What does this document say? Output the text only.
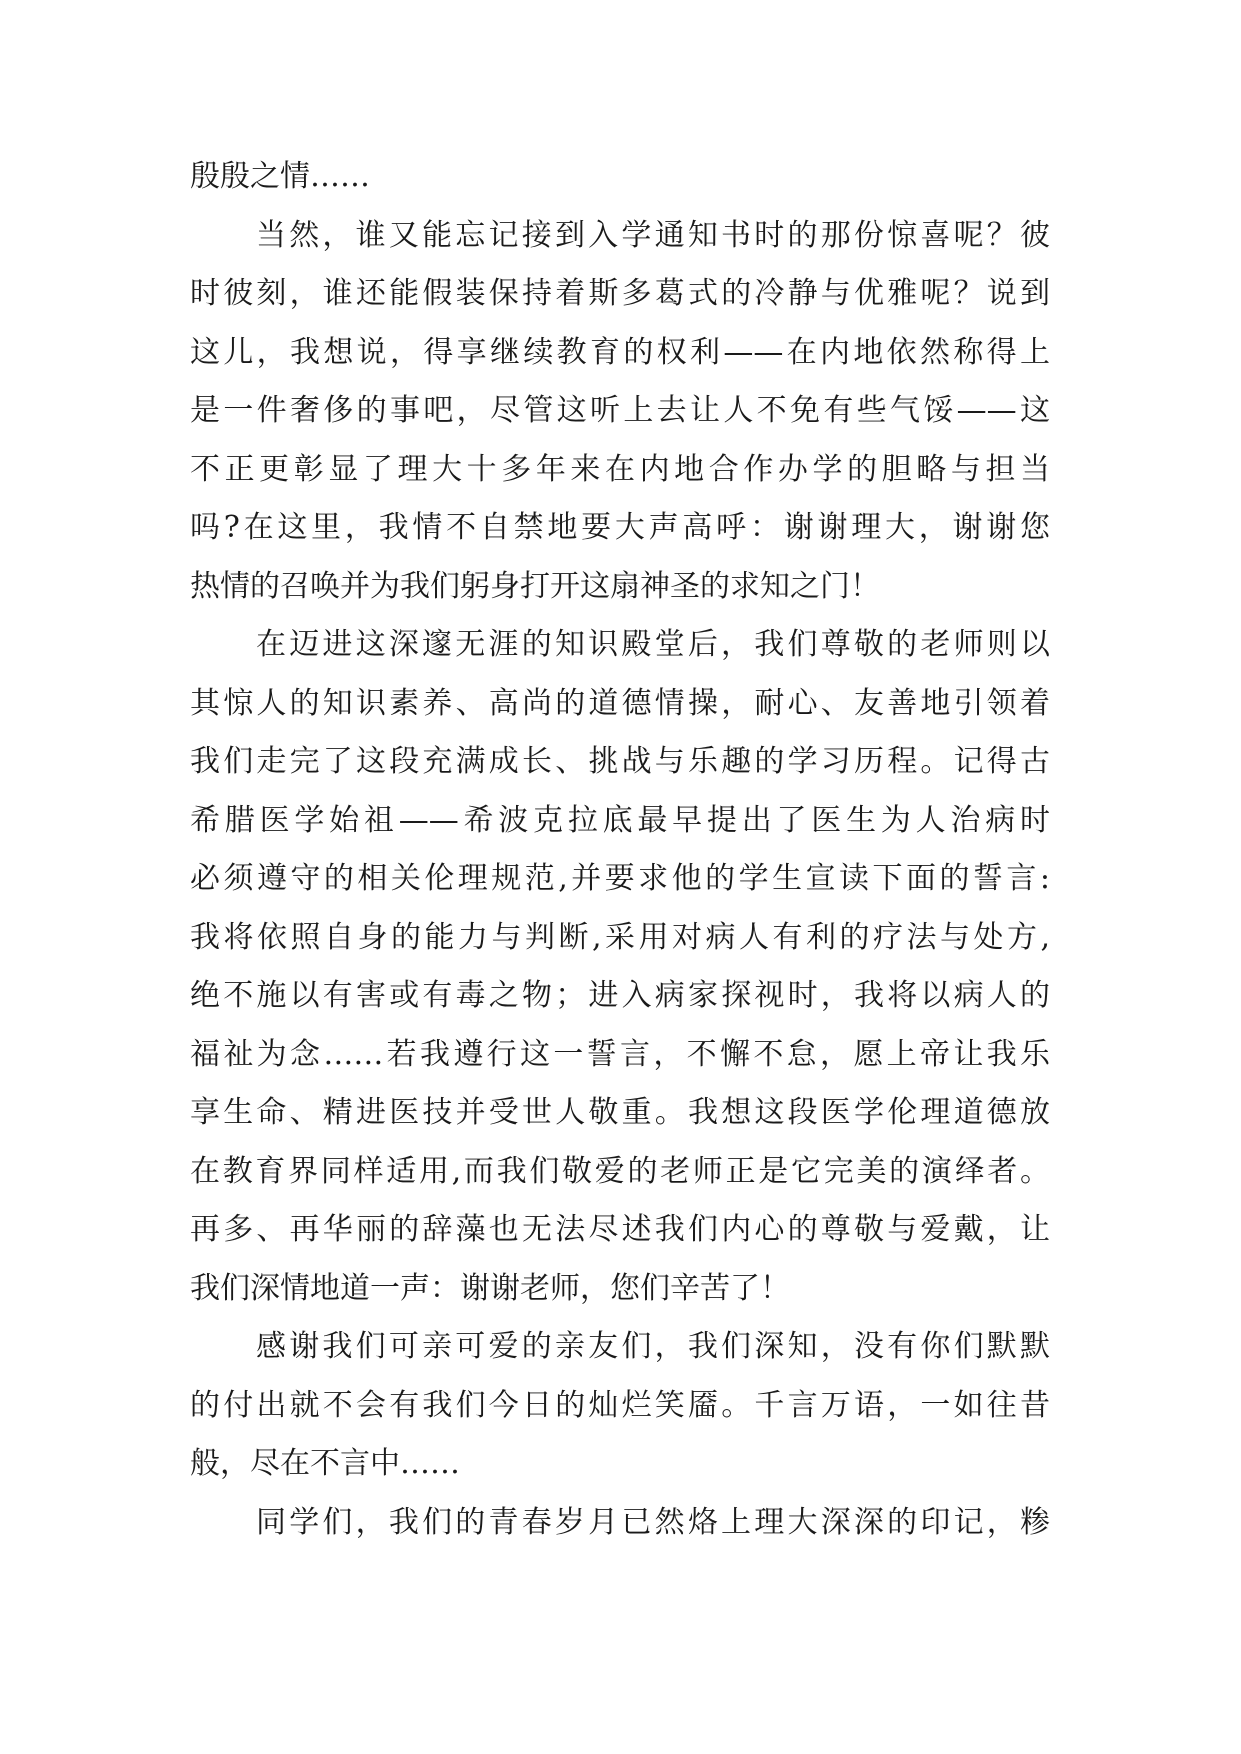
殷殷之情……
当然，谁又能忘记接到入学通知书时的那份惊喜呢？彼
时彼刻，谁还能假装保持着斯多葛式的冷静与优雅呢？说到
这儿，我想说，得享继续教育的权利——在内地依然称得上
是一件奢侈的事吧，尽管这听上去让人不免有些气馁——这
不正更彰显了理大十多年来在内地合作办学的胆略与担当
吗?在这里，我情不自禁地要大声高呼：谢谢理大，谢谢您
热情的召唤并为我们躬身打开这扇神圣的求知之门！
在迈进这深邃无涯的知识殿堂后，我们尊敬的老师则以
其惊人的知识素养、高尚的道德情操，耐心、友善地引领着
我们走完了这段充满成长、挑战与乐趣的学习历程。记得古
希腊医学始祖——希波克拉底最早提出了医生为人治病时
必须遵守的相关伦理规范,并要求他的学生宣读下面的誓言:
我将依照自身的能力与判断,采用对病人有利的疗法与处方,
绝不施以有害或有毒之物；进入病家探视时，我将以病人的
福祉为念……若我遵行这一誓言，不懈不怠，愿上帝让我乐
享生命、精进医技并受世人敬重。我想这段医学伦理道德放
在教育界同样适用,而我们敬爱的老师正是它完美的演绎者。
再多、再华丽的辞藻也无法尽述我们内心的尊敬与爱戴，让
我们深情地道一声：谢谢老师，您们辛苦了！
感谢我们可亲可爱的亲友们，我们深知，没有你们默默
的付出就不会有我们今日的灿烂笑靥。千言万语，一如往昔
般，尽在不言中……
同学们，我们的青春岁月已然烙上理大深深的印记，糁
